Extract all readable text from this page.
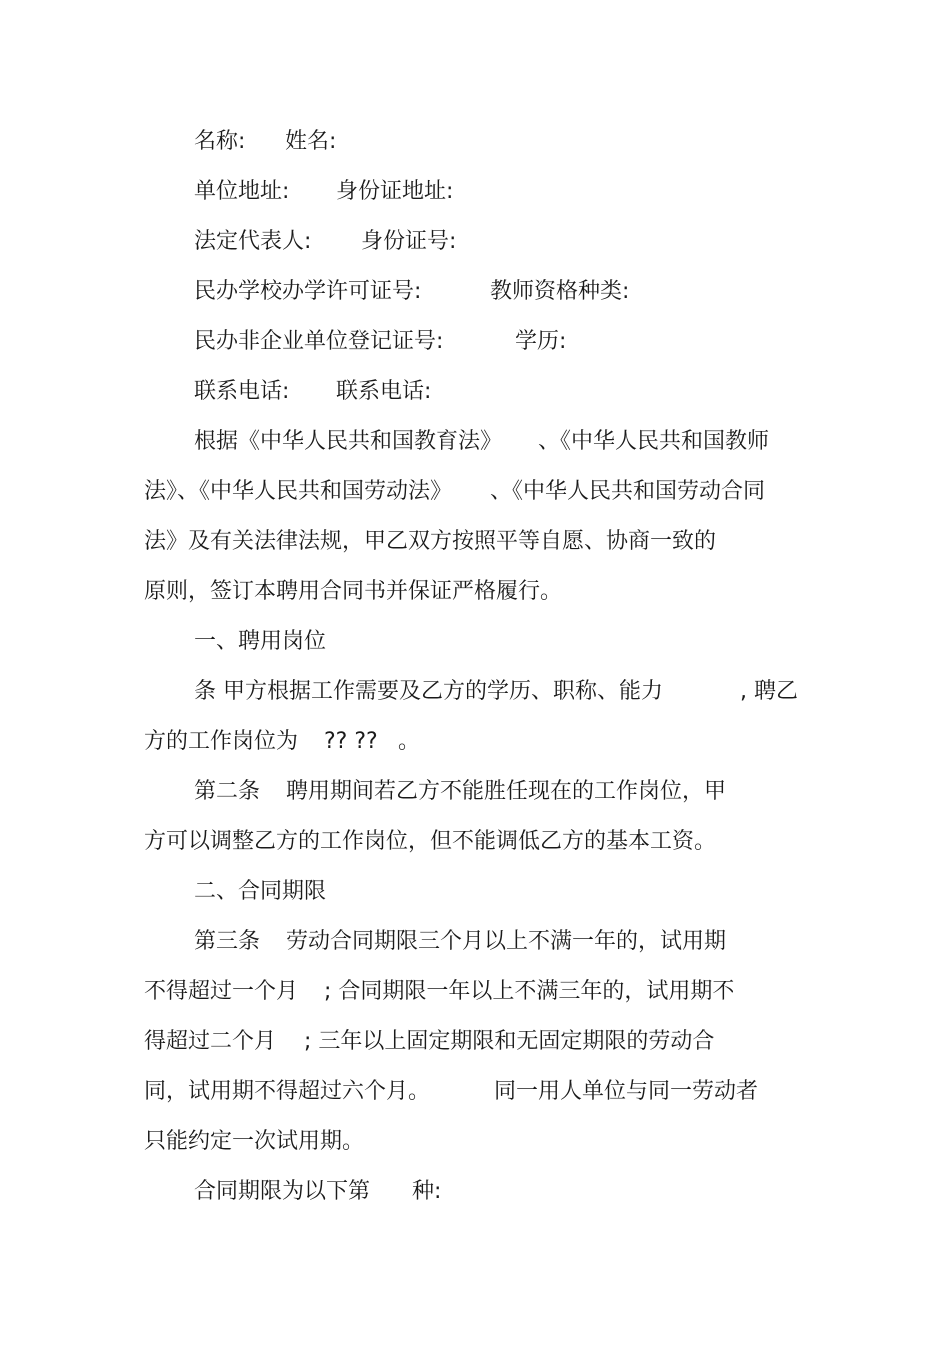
名称: 姓名:
单位地址: 身份证地址:
法定代表人: 身份证号:
民办学校办学许可证号:	教师资格种类:
民办非企业单位登记证号:	学历:
联系电话: 联系电话:
根据《中华人民共和国教育法》 、《中华人民共和国教师
法》、《中华人民共和国劳动法》 、《中华人民共和国劳动合同
法》及有关法律法规，甲乙双方按照平等自愿、协商一致的
原则，签订本聘用合同书并保证严格履行。
一、聘用岗位
条 甲方根据工作需要及乙方的学历、职称、能力	, 聘乙
方的工作岗位为 ?? ?? 。
第二条 聘用期间若乙方不能胜任现在的工作岗位，甲
方可以调整乙方的工作岗位，但不能调低乙方的基本工资。
二、合同期限
第三条 劳动合同期限三个月以上不满一年的，试用期
不得超过一个月 ; 合同期限一年以上不满三年的，试用期不
得超过二个月 ; 三年以上固定期限和无固定期限的劳动合
同，试用期不得超过六个月。	同一用人单位与同一劳动者
只能约定一次试用期。
合同期限为以下第 种:
